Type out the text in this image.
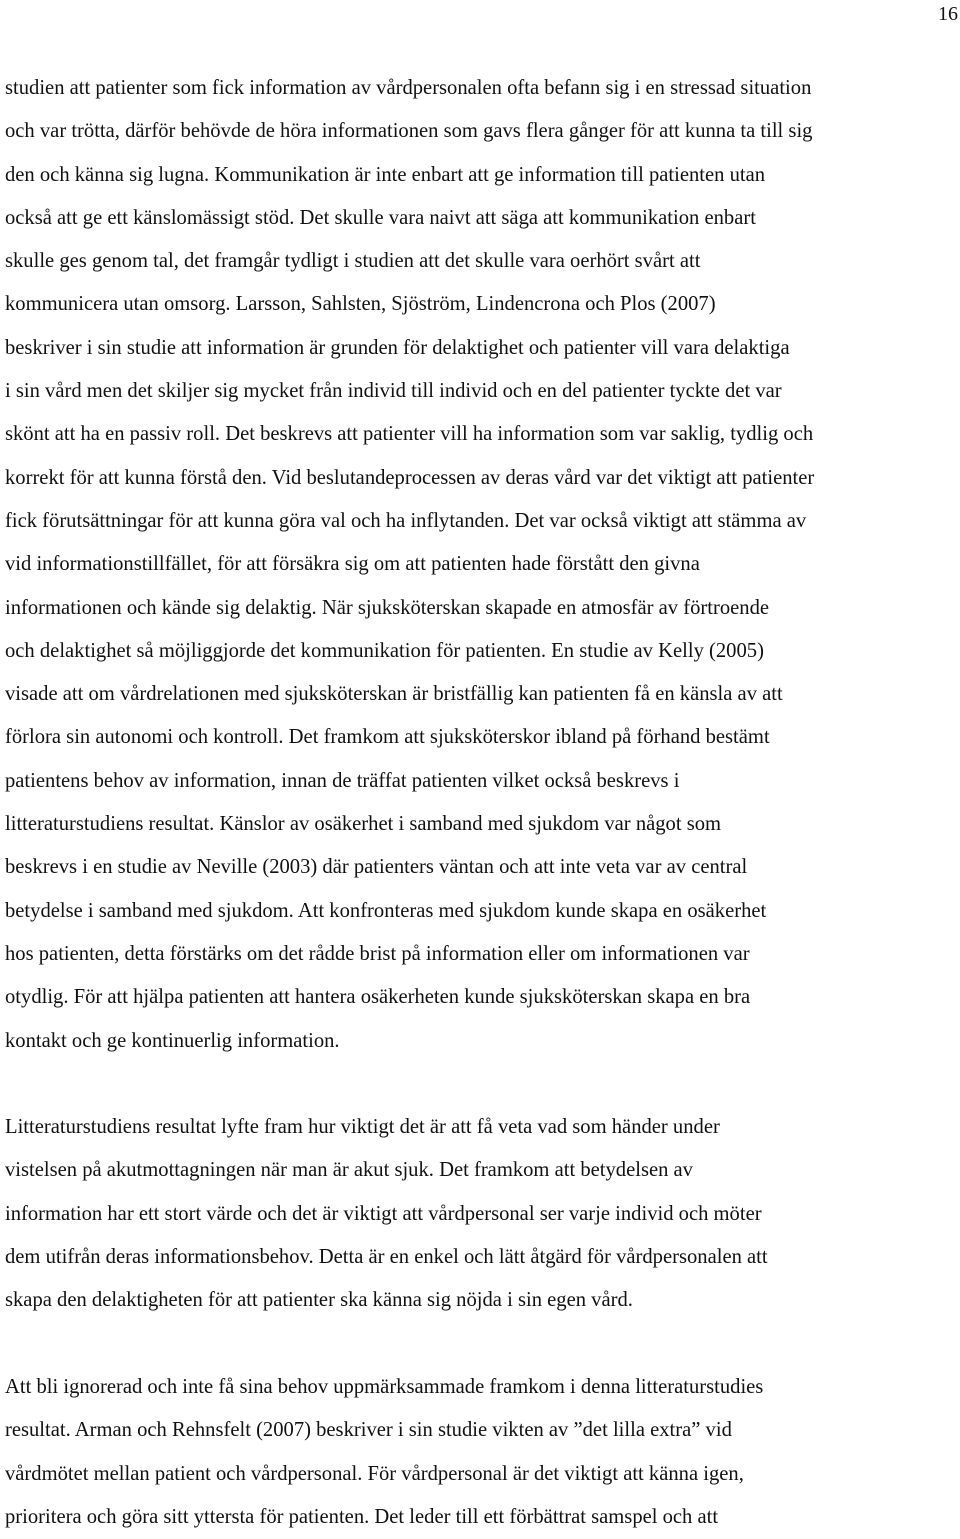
16

studien att patienter som fick information av vårdpersonalen ofta befann sig i en stressad situation
och var trötta, därför behövde de höra informationen som gavs flera gånger för att kunna ta till sig
den och känna sig lugna. Kommunikation är inte enbart att ge information till patienten utan
också att ge ett känslomässigt stöd. Det skulle vara naivt att säga att kommunikation enbart
skulle ges genom tal, det framgår tydligt i studien att det skulle vara oerhört svårt att
kommunicera utan omsorg. Larsson, Sahlsten, Sjöström, Lindencrona och Plos (2007)
beskriver i sin studie att information är grunden för delaktighet och patienter vill vara delaktiga
i sin vård men det skiljer sig mycket från individ till individ och en del patienter tyckte det var
skönt att ha en passiv roll. Det beskrevs att patienter vill ha information som var saklig, tydlig och
korrekt för att kunna förstå den. Vid beslutandeprocessen av deras vård var det viktigt att patienter
fick förutsättningar för att kunna göra val och ha inflytanden. Det var också viktigt att stämma av
vid informationstillfället, för att försäkra sig om att patienten hade förstått den givna
informationen och kände sig delaktig. När sjuksköterskan skapade en atmosfär av förtroende
och delaktighet så möjliggjorde det kommunikation för patienten. En studie av Kelly (2005)
visade att om vårdrelationen med sjuksköterskan är bristfällig kan patienten få en känsla av att
förlora sin autonomi och kontroll. Det framkom att sjuksköterskor ibland på förhand bestämt
patientens behov av information, innan de träffat patienten vilket också beskrevs i
litteraturstudiens resultat. Känslor av osäkerhet i samband med sjukdom var något som
beskrevs i en studie av Neville (2003) där patienters väntan och att inte veta var av central
betydelse i samband med sjukdom. Att konfronteras med sjukdom kunde skapa en osäkerhet
hos patienten, detta förstärks om det rådde brist på information eller om informationen var
otydlig. För att hjälpa patienten att hantera osäkerheten kunde sjuksköterskan skapa en bra
kontakt och ge kontinuerlig information.

Litteraturstudiens resultat lyfte fram hur viktigt det är att få veta vad som händer under
vistelsen på akutmottagningen när man är akut sjuk. Det framkom att betydelsen av
information har ett stort värde och det är viktigt att vårdpersonal ser varje individ och möter
dem utifrån deras informationsbehov. Detta är en enkel och lätt åtgärd för vårdpersonalen att
skapa den delaktigheten för att patienter ska känna sig nöjda i sin egen vård.

Att bli ignorerad och inte få sina behov uppmärksammade framkom i denna litteraturstudies
resultat. Arman och Rehnsfelt (2007) beskriver i sin studie vikten av ”det lilla extra” vid
vårdmötet mellan patient och vårdpersonal. För vårdpersonal är det viktigt att känna igen,
prioritera och göra sitt yttersta för patienten. Det leder till ett förbättrat samspel och att
